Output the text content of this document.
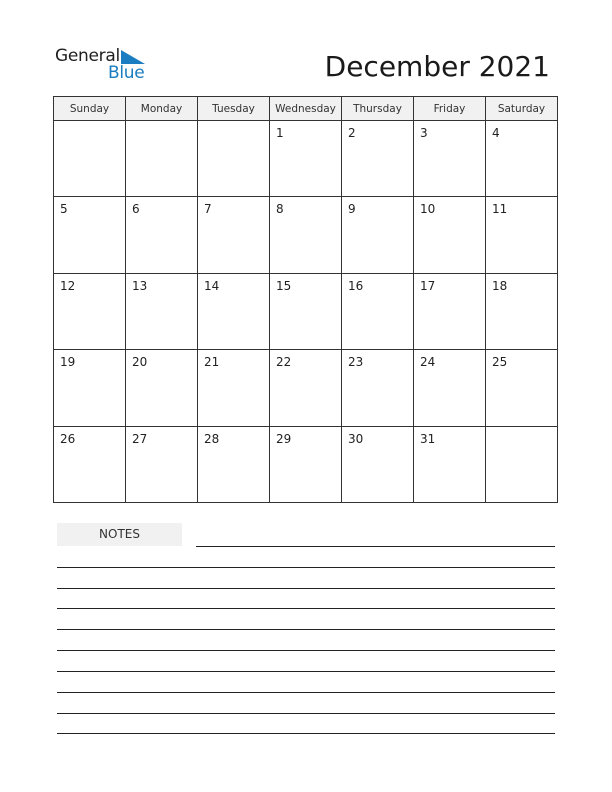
General
Blue	December 2021
Sunday	Monday	Tuesday	Wednesday	Thursday	Friday	Saturday

			1	2	3	4

5	6	7	8	9	10	11

12	13	14	15	16	17	18

19	20	21	22	23	24	25

26	27	28	29	30	31	

NOTES
